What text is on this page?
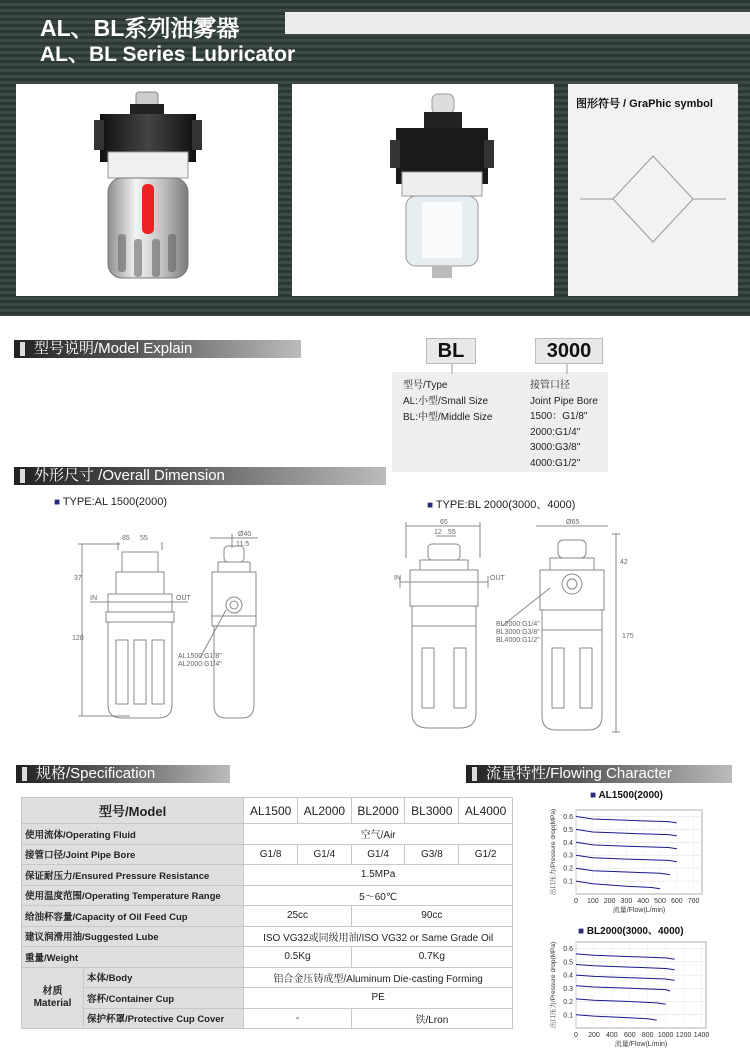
AL、BL系列油雾器
AL、BL Series Lubricator
图形符号 / GraPhic symbol
型号说明/Model Explain	BL	3000
型号/Type
AL:小型/Small Size
BL:中型/Middle Size
接管口径
Joint Pipe Bore
1500：G1/8"
2000:G1/4"
3000:G3/8"
4000:G1/2"
外形尺寸 /Overall Dimension
■ TYPE:AL 1500(2000)	■ TYPE:BL 2000(3000、4000)
85 55
37
120
IN	OUT
Ø40
11.5
AL1500:G1/8"
AL2000:G1/4"
65
12 55
IN	OUT
Ø65
175
42
BL2000:G1/4"
BL3000:G3/8"
BL4000:G1/2"
规格/Specification
型号/Model		AL1500	AL2000	BL2000	BL3000	AL4000
使用流体/Operating Fluid		空气/Air				
接管口径/Joint Pipe Bore		G1/8	G1/4	G1/4	G3/8	G1/2
保证耐压力/Ensured Pressure Resistance		1.5MPa				
使用温度范围/Operating Temperature Range		5～60℃				
给油杯容量/Capacity of Oil Feed Cup		25cc		90cc		
建议润滑用油/Suggested Lube		ISO VG32或同级用油/ISO VG32 or Same Grade Oil				
重量/Weight		0.5Kg		0.7Kg		

材质
Material	本体/Body	铝合金压铸成型/Aluminum Die-casting Forming				
	容杯/Container Cup	PE				
	保护杯罩/Protective Cup Cover	-		铁/Lron		
流量特性/Flowing Character
■ AL1500(2000)
0.1
0.2
0.3
0.4
0.5
0.6
0 100 200 300 400 500 600 700
流量/Flow(L/min)
出口压力/Pressure drop(MPa)
■ BL2000(3000、4000)
0.1
0.2
0.3
0.4
0.5
0.6
0 200 400 600 800 1000 1200 1400
流量/Flow(L/min)
出口压力/Pressure drop(MPa)
